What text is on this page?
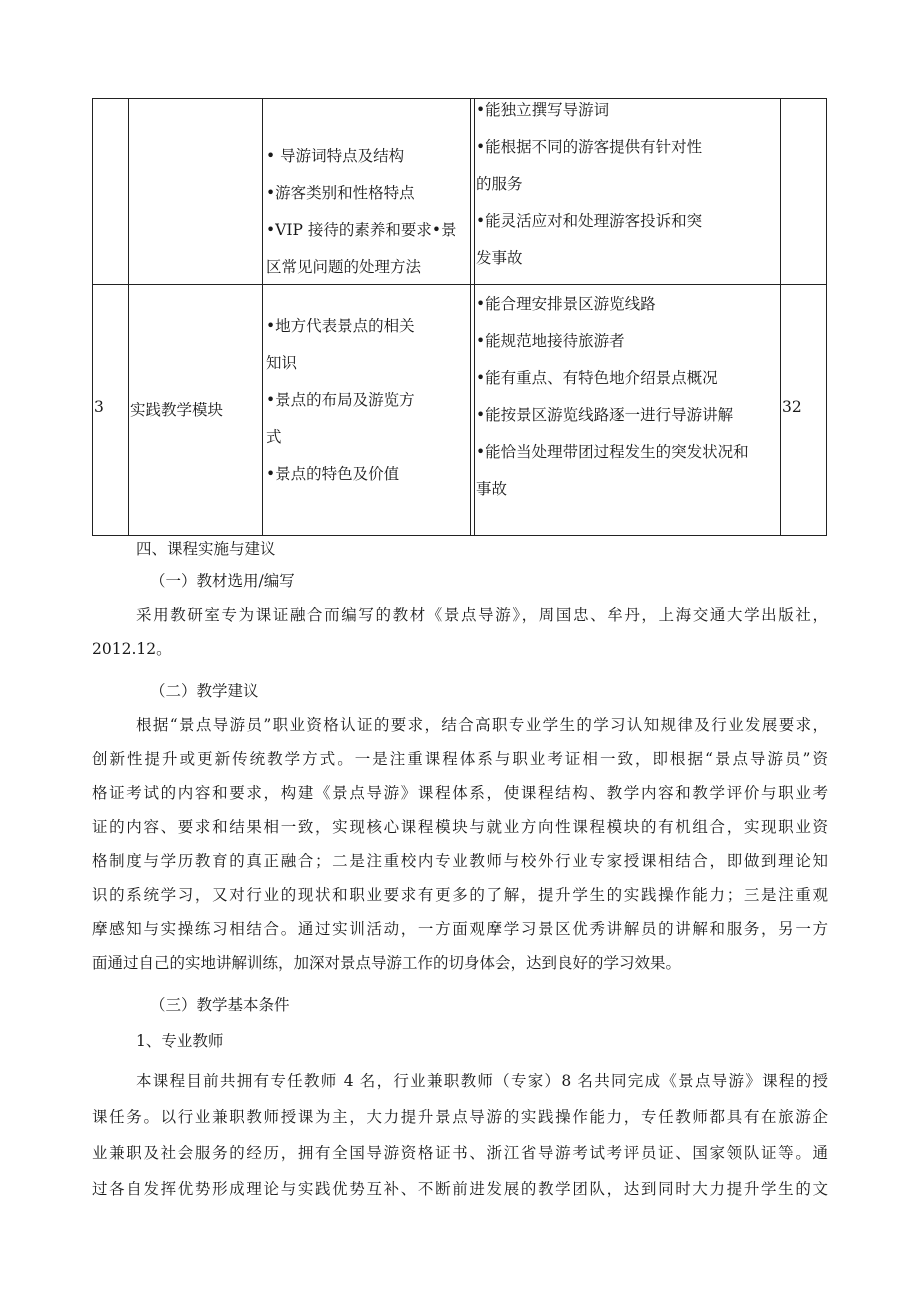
• 导游词特点及结构
•游客类别和性格特点
•VIP 接待的素养和要求•景
区常见问题的处理方法
•能独立撰写导游词
•能根据不同的游客提供有针对性
的服务
•能灵活应对和处理游客投诉和突
发事故
3 实践教学模块
•地方代表景点的相关
知识
•景点的布局及游览方
式
•景点的特色及价值
•能合理安排景区游览线路
•能规范地接待旅游者
•能有重点、有特色地介绍景点概况
•能按景区游览线路逐一进行导游讲解
•能恰当处理带团过程发生的突发状况和
事故
32
四、课程实施与建议
（一）教材选用/编写
采用教研室专为课证融合而编写的教材《景点导游》，周国忠、牟丹，上海交通大学出版社，
2012.12。
（二）教学建议
根据“景点导游员”职业资格认证的要求，结合高职专业学生的学习认知规律及行业发展要求，
创新性提升或更新传统教学方式。一是注重课程体系与职业考证相一致，即根据“景点导游员”资
格证考试的内容和要求，构建《景点导游》课程体系，使课程结构、教学内容和教学评价与职业考
证的内容、要求和结果相一致，实现核心课程模块与就业方向性课程模块的有机组合，实现职业资
格制度与学历教育的真正融合；二是注重校内专业教师与校外行业专家授课相结合，即做到理论知
识的系统学习，又对行业的现状和职业要求有更多的了解，提升学生的实践操作能力；三是注重观
摩感知与实操练习相结合。通过实训活动，一方面观摩学习景区优秀讲解员的讲解和服务，另一方
面通过自己的实地讲解训练，加深对景点导游工作的切身体会，达到良好的学习效果。
（三）教学基本条件
1、专业教师
本课程目前共拥有专任教师 4 名，行业兼职教师（专家）8 名共同完成《景点导游》课程的授
课任务。以行业兼职教师授课为主，大力提升景点导游的实践操作能力，专任教师都具有在旅游企
业兼职及社会服务的经历，拥有全国导游资格证书、浙江省导游考试考评员证、国家领队证等。通
过各自发挥优势形成理论与实践优势互补、不断前进发展的教学团队，达到同时大力提升学生的文
